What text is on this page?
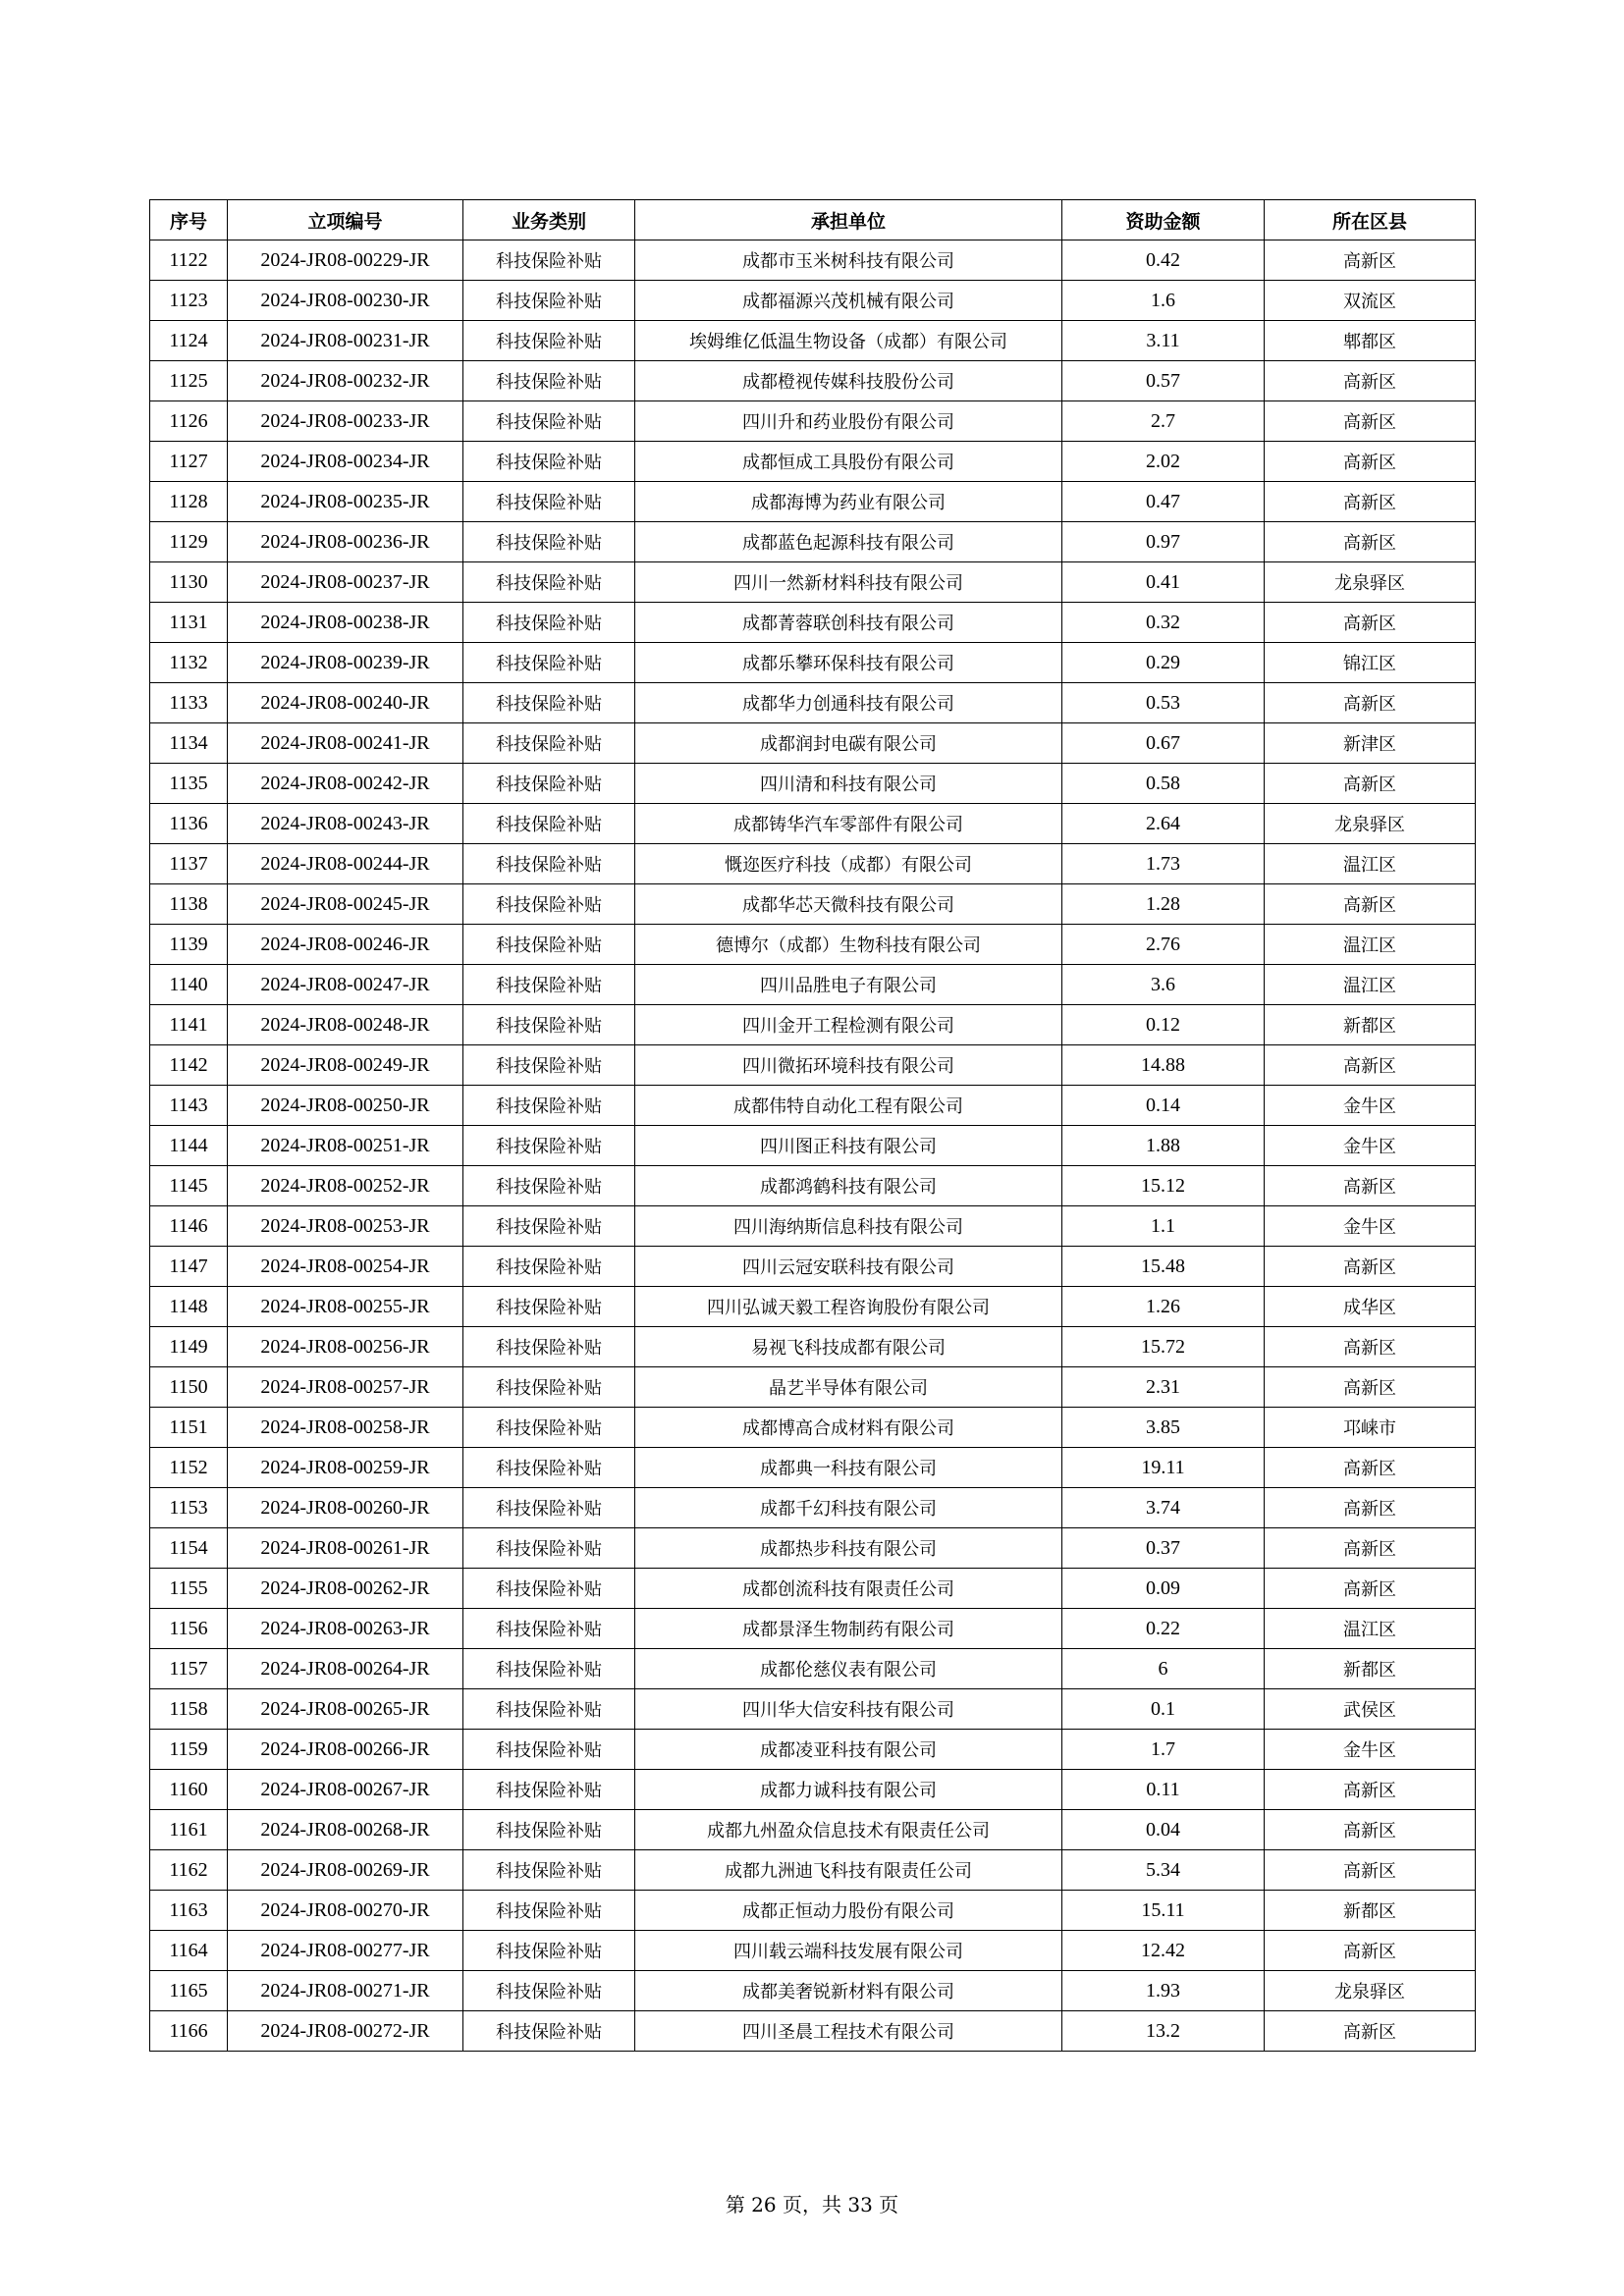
序号	立项编号	业务类别	承担单位	资助金额	所在区县
1122	2024-JR08-00229-JR	科技保险补贴	成都市玉米树科技有限公司	0.42	高新区
1123	2024-JR08-00230-JR	科技保险补贴	成都福源兴茂机械有限公司	1.6	双流区
1124	2024-JR08-00231-JR	科技保险补贴	埃姆维亿低温生物设备（成都）有限公司	3.11	郫都区
1125	2024-JR08-00232-JR	科技保险补贴	成都橙视传媒科技股份公司	0.57	高新区
1126	2024-JR08-00233-JR	科技保险补贴	四川升和药业股份有限公司	2.7	高新区
1127	2024-JR08-00234-JR	科技保险补贴	成都恒成工具股份有限公司	2.02	高新区
1128	2024-JR08-00235-JR	科技保险补贴	成都海博为药业有限公司	0.47	高新区
1129	2024-JR08-00236-JR	科技保险补贴	成都蓝色起源科技有限公司	0.97	高新区
1130	2024-JR08-00237-JR	科技保险补贴	四川一然新材料科技有限公司	0.41	龙泉驿区
1131	2024-JR08-00238-JR	科技保险补贴	成都菁蓉联创科技有限公司	0.32	高新区
1132	2024-JR08-00239-JR	科技保险补贴	成都乐攀环保科技有限公司	0.29	锦江区
1133	2024-JR08-00240-JR	科技保险补贴	成都华力创通科技有限公司	0.53	高新区
1134	2024-JR08-00241-JR	科技保险补贴	成都润封电碳有限公司	0.67	新津区
1135	2024-JR08-00242-JR	科技保险补贴	四川清和科技有限公司	0.58	高新区
1136	2024-JR08-00243-JR	科技保险补贴	成都铸华汽车零部件有限公司	2.64	龙泉驿区
1137	2024-JR08-00244-JR	科技保险补贴	慨迩医疗科技（成都）有限公司	1.73	温江区
1138	2024-JR08-00245-JR	科技保险补贴	成都华芯天微科技有限公司	1.28	高新区
1139	2024-JR08-00246-JR	科技保险补贴	德博尔（成都）生物科技有限公司	2.76	温江区
1140	2024-JR08-00247-JR	科技保险补贴	四川品胜电子有限公司	3.6	温江区
1141	2024-JR08-00248-JR	科技保险补贴	四川金开工程检测有限公司	0.12	新都区
1142	2024-JR08-00249-JR	科技保险补贴	四川微拓环境科技有限公司	14.88	高新区
1143	2024-JR08-00250-JR	科技保险补贴	成都伟特自动化工程有限公司	0.14	金牛区
1144	2024-JR08-00251-JR	科技保险补贴	四川图正科技有限公司	1.88	金牛区
1145	2024-JR08-00252-JR	科技保险补贴	成都鸿鹤科技有限公司	15.12	高新区
1146	2024-JR08-00253-JR	科技保险补贴	四川海纳斯信息科技有限公司	1.1	金牛区
1147	2024-JR08-00254-JR	科技保险补贴	四川云冠安联科技有限公司	15.48	高新区
1148	2024-JR08-00255-JR	科技保险补贴	四川弘诚天毅工程咨询股份有限公司	1.26	成华区
1149	2024-JR08-00256-JR	科技保险补贴	易视飞科技成都有限公司	15.72	高新区
1150	2024-JR08-00257-JR	科技保险补贴	晶艺半导体有限公司	2.31	高新区
1151	2024-JR08-00258-JR	科技保险补贴	成都博高合成材料有限公司	3.85	邛崃市
1152	2024-JR08-00259-JR	科技保险补贴	成都典一科技有限公司	19.11	高新区
1153	2024-JR08-00260-JR	科技保险补贴	成都千幻科技有限公司	3.74	高新区
1154	2024-JR08-00261-JR	科技保险补贴	成都热步科技有限公司	0.37	高新区
1155	2024-JR08-00262-JR	科技保险补贴	成都创流科技有限责任公司	0.09	高新区
1156	2024-JR08-00263-JR	科技保险补贴	成都景泽生物制药有限公司	0.22	温江区
1157	2024-JR08-00264-JR	科技保险补贴	成都伦慈仪表有限公司	6	新都区
1158	2024-JR08-00265-JR	科技保险补贴	四川华大信安科技有限公司	0.1	武侯区
1159	2024-JR08-00266-JR	科技保险补贴	成都凌亚科技有限公司	1.7	金牛区
1160	2024-JR08-00267-JR	科技保险补贴	成都力诚科技有限公司	0.11	高新区
1161	2024-JR08-00268-JR	科技保险补贴	成都九州盈众信息技术有限责任公司	0.04	高新区
1162	2024-JR08-00269-JR	科技保险补贴	成都九洲迪飞科技有限责任公司	5.34	高新区
1163	2024-JR08-00270-JR	科技保险补贴	成都正恒动力股份有限公司	15.11	新都区
1164	2024-JR08-00277-JR	科技保险补贴	四川载云端科技发展有限公司	12.42	高新区
1165	2024-JR08-00271-JR	科技保险补贴	成都美奢锐新材料有限公司	1.93	龙泉驿区
1166	2024-JR08-00272-JR	科技保险补贴	四川圣晨工程技术有限公司	13.2	高新区
第 26 页，共 33 页
